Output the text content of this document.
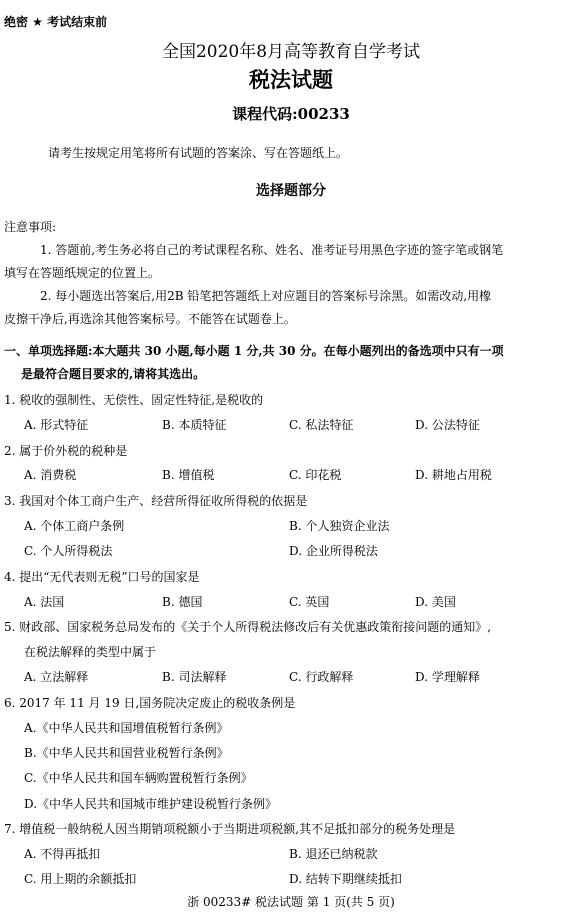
绝密 ★ 考试结束前
全国2020年8月高等教育自学考试
税法试题
课程代码:00233
请考生按规定用笔将所有试题的答案涂、写在答题纸上。
选择题部分
注意事项:
1. 答题前,考生务必将自己的考试课程名称、姓名、准考证号用黑色字迹的签字笔或钢笔
填写在答题纸规定的位置上。
2. 每小题选出答案后,用2B 铅笔把答题纸上对应题目的答案标号涂黑。如需改动,用橡
皮擦干净后,再选涂其他答案标号。不能答在试题卷上。
一、单项选择题:本大题共 30 小题,每小题 1 分,共 30 分。在每小题列出的备选项中只有一项
是最符合题目要求的,请将其选出。
1. 税收的强制性、无偿性、固定性特征,是税收的
A. 形式特征	B. 本质特征	C. 私法特征	D. 公法特征
2. 属于价外税的税种是
A. 消费税	B. 增值税	C. 印花税	D. 耕地占用税
3. 我国对个体工商户生产、经营所得征收所得税的依据是
A. 个体工商户条例	B. 个人独资企业法
C. 个人所得税法	D. 企业所得税法
4. 提出“无代表则无税”口号的国家是
A. 法国	B. 德国	C. 英国	D. 美国
5. 财政部、国家税务总局发布的《关于个人所得税法修改后有关优惠政策衔接问题的通知》,
在税法解释的类型中属于
A. 立法解释	B. 司法解释	C. 行政解释	D. 学理解释
6. 2017 年 11 月 19 日,国务院决定废止的税收条例是
A.《中华人民共和国增值税暂行条例》
B.《中华人民共和国营业税暂行条例》
C.《中华人民共和国车辆购置税暂行条例》
D.《中华人民共和国城市维护建设税暂行条例》
7. 增值税一般纳税人因当期销项税额小于当期进项税额,其不足抵扣部分的税务处理是
A. 不得再抵扣	B. 退还已纳税款
C. 用上期的余额抵扣	D. 结转下期继续抵扣
浙 00233# 税法试题 第 1 页(共 5 页)
